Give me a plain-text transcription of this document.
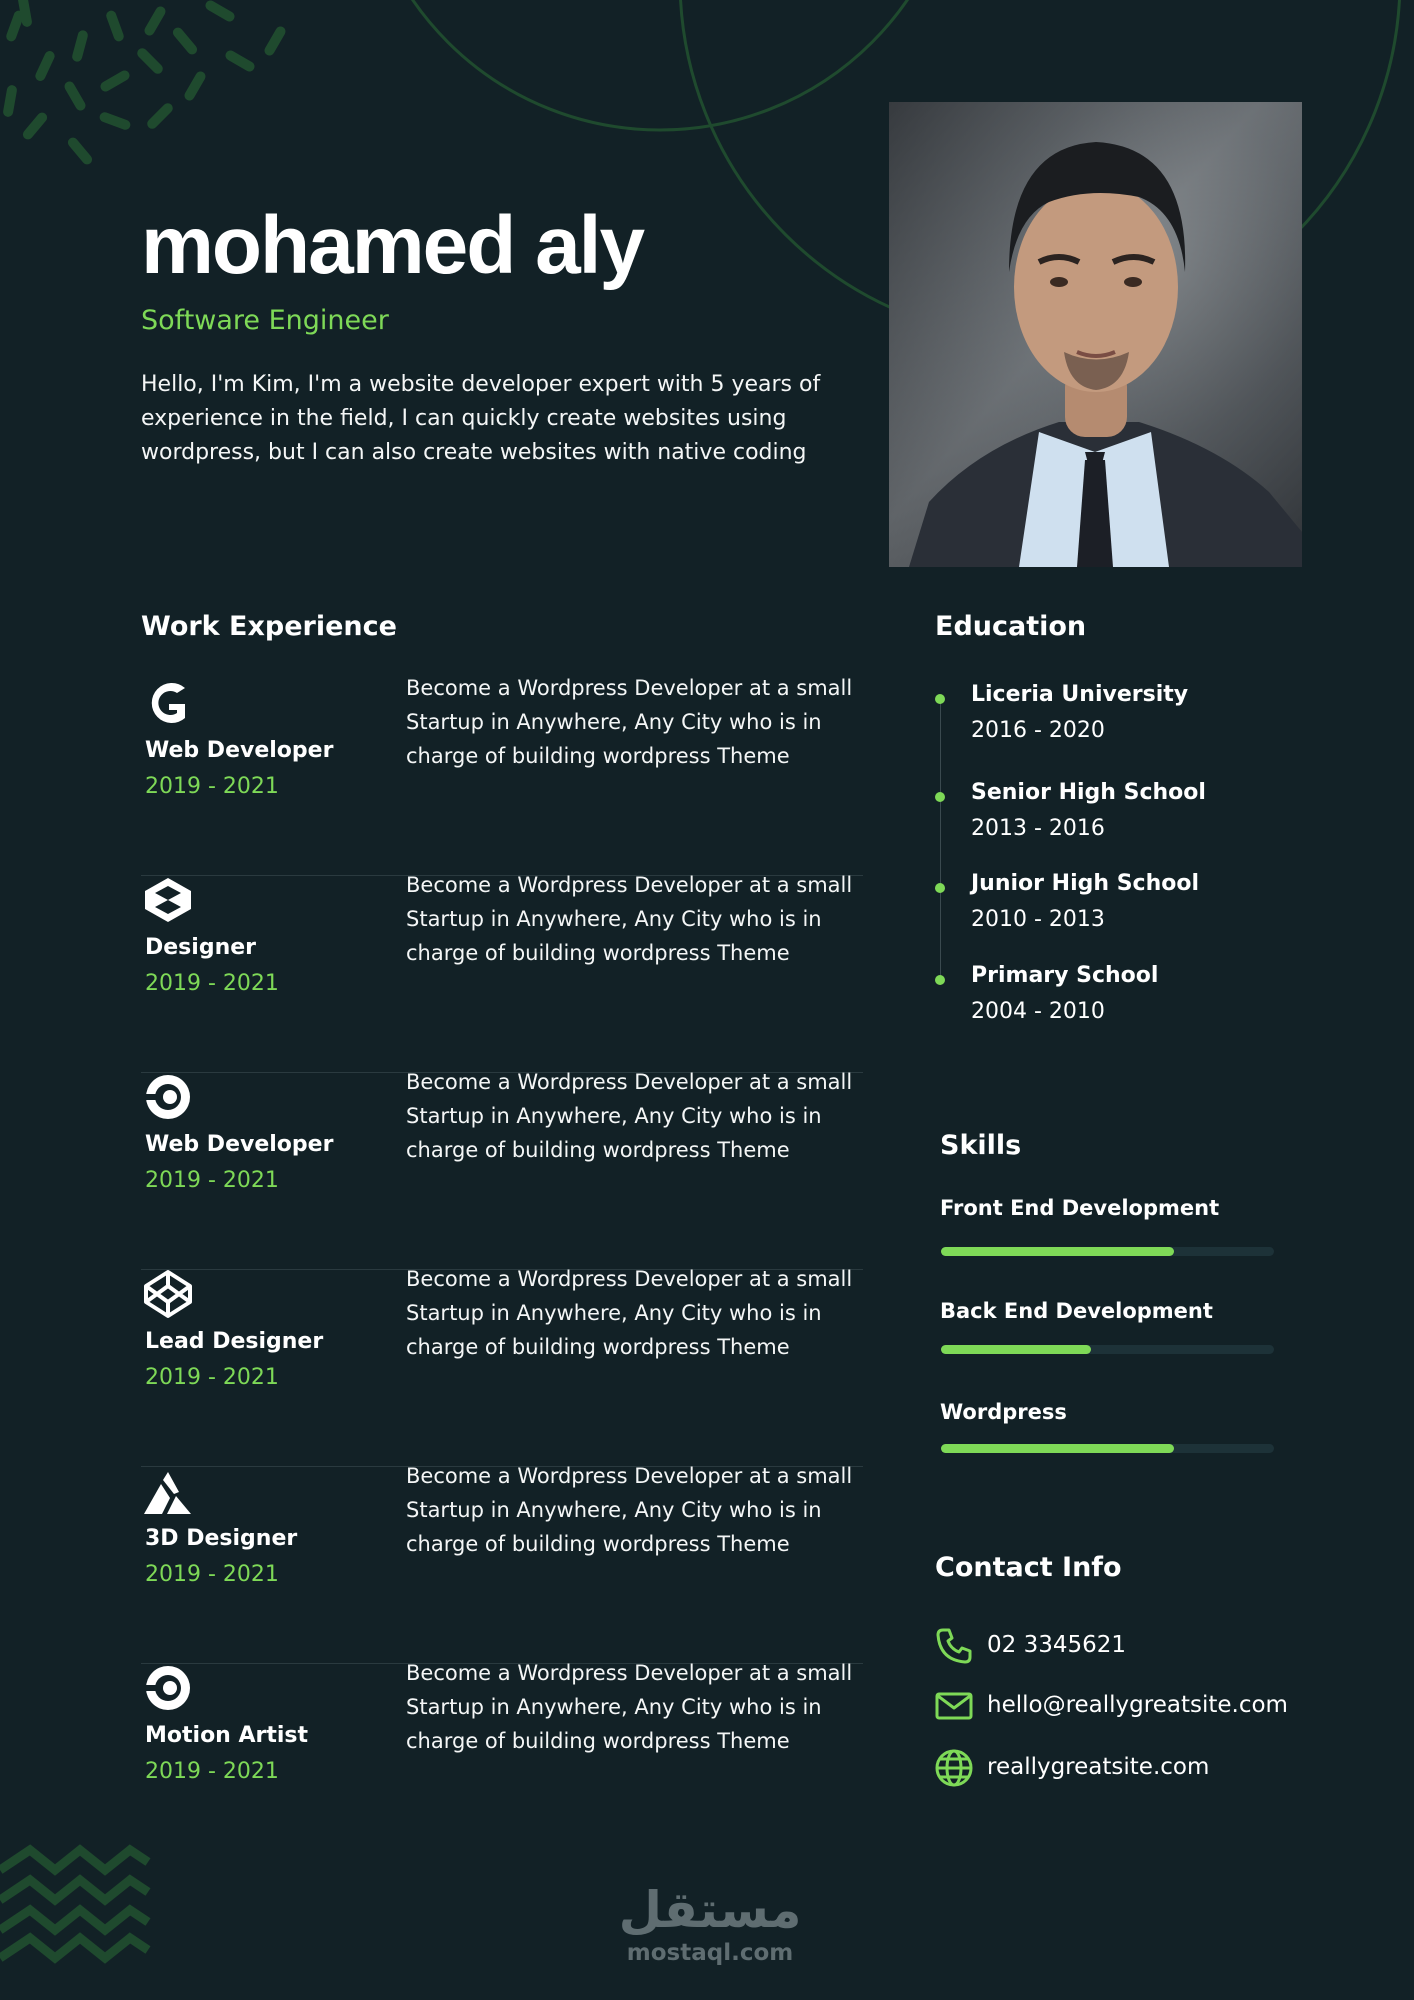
mohamed aly
Software Engineer

Hello, I'm Kim, I'm a website developer expert with 5 years of experience in the field, I can quickly create websites using wordpress, but I can also create websites with native coding

Work Experience

Web Developer

2019 - 2021

Become a Wordpress Developer at a small Startup in Anywhere, Any City who is in charge of building wordpress Theme

Designer

2019 - 2021

Become a Wordpress Developer at a small Startup in Anywhere, Any City who is in charge of building wordpress Theme

Web Developer

2019 - 2021

Become a Wordpress Developer at a small Startup in Anywhere, Any City who is in charge of building wordpress Theme

Lead Designer

2019 - 2021

Become a Wordpress Developer at a small Startup in Anywhere, Any City who is in charge of building wordpress Theme

3D Designer

2019 - 2021

Become a Wordpress Developer at a small Startup in Anywhere, Any City who is in charge of building wordpress Theme

Motion Artist

2019 - 2021

Become a Wordpress Developer at a small Startup in Anywhere, Any City who is in charge of building wordpress Theme

Education

Liceria University

2016 - 2020

Senior High School

2013 - 2016

Junior High School

2010 - 2013

Primary School

2004 - 2010

Skills

Front End Development

Back End Development

Wordpress

Contact Info

02 3345621

hello@reallygreatsite.com

reallygreatsite.com

مستقل

mostaql.com
